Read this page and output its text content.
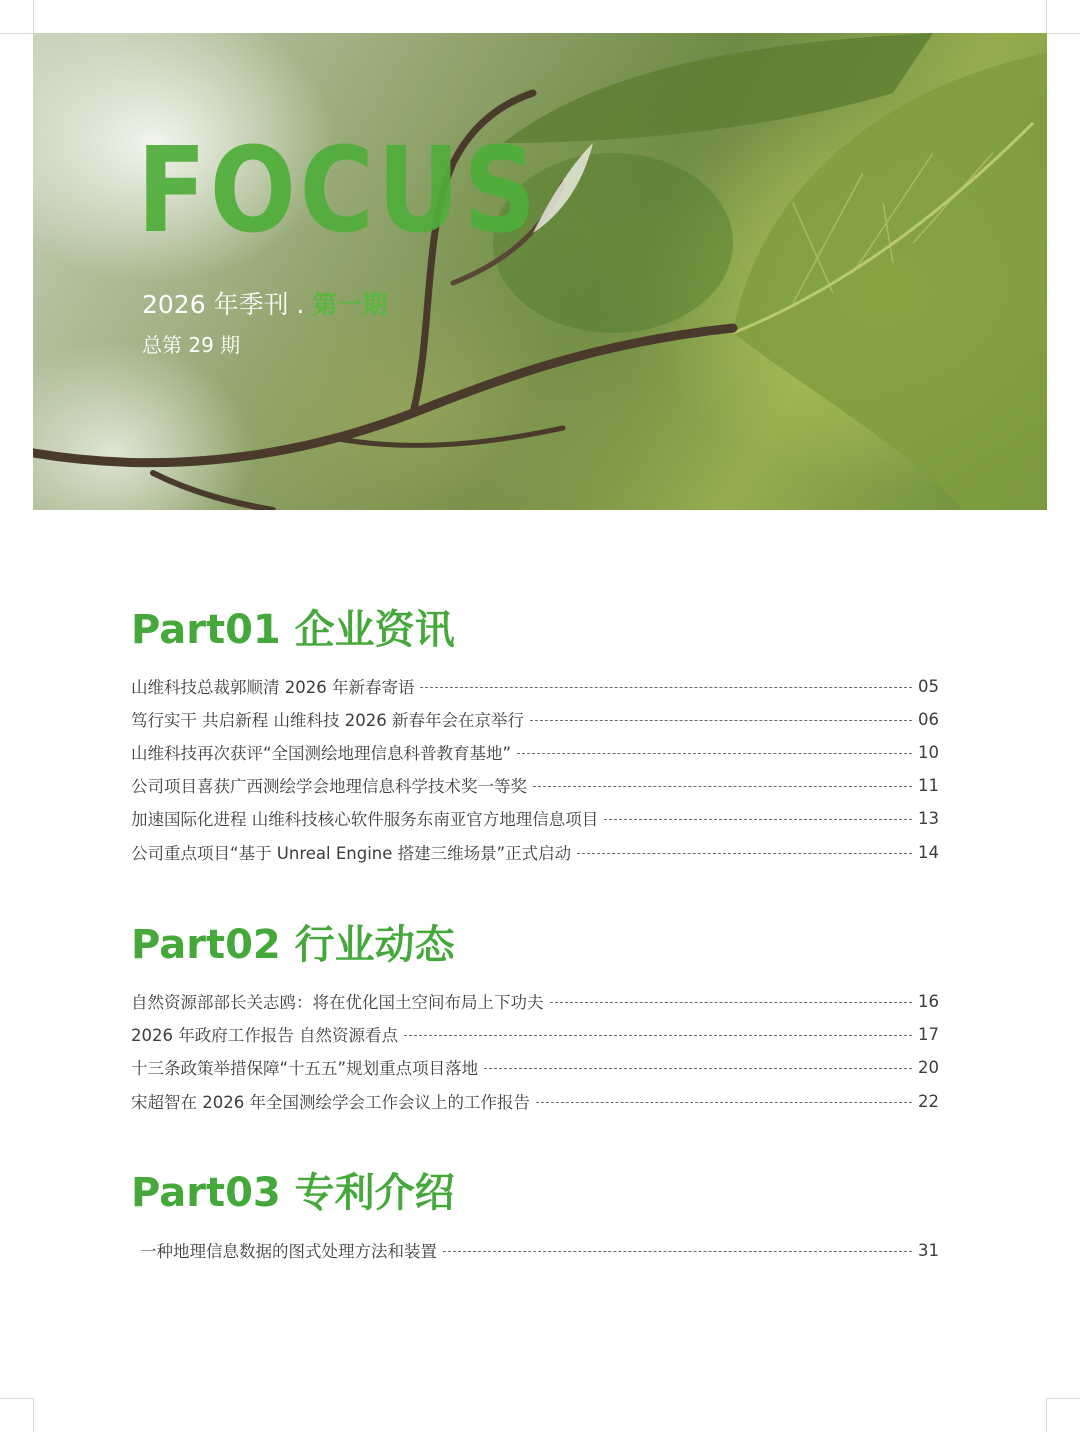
FOCUS
2026 年季刊 . 第一期
总第 29 期
Part01 企业资讯
山维科技总裁郭顺清 2026 年新春寄语	05
笃行实干 共启新程 山维科技 2026 新春年会在京举行	06
山维科技再次获评“全国测绘地理信息科普教育基地”	10
公司项目喜获广西测绘学会地理信息科学技术奖一等奖	11
加速国际化进程 山维科技核心软件服务东南亚官方地理信息项目	13
公司重点项目“基于 Unreal Engine 搭建三维场景”正式启动	14
Part02 行业动态
自然资源部部长关志鸥：将在优化国土空间布局上下功夫	16
2026 年政府工作报告 自然资源看点	17
十三条政策举措保障“十五五”规划重点项目落地	20
宋超智在 2026 年全国测绘学会工作会议上的工作报告	22
Part03 专利介绍
一种地理信息数据的图式处理方法和装置	31
